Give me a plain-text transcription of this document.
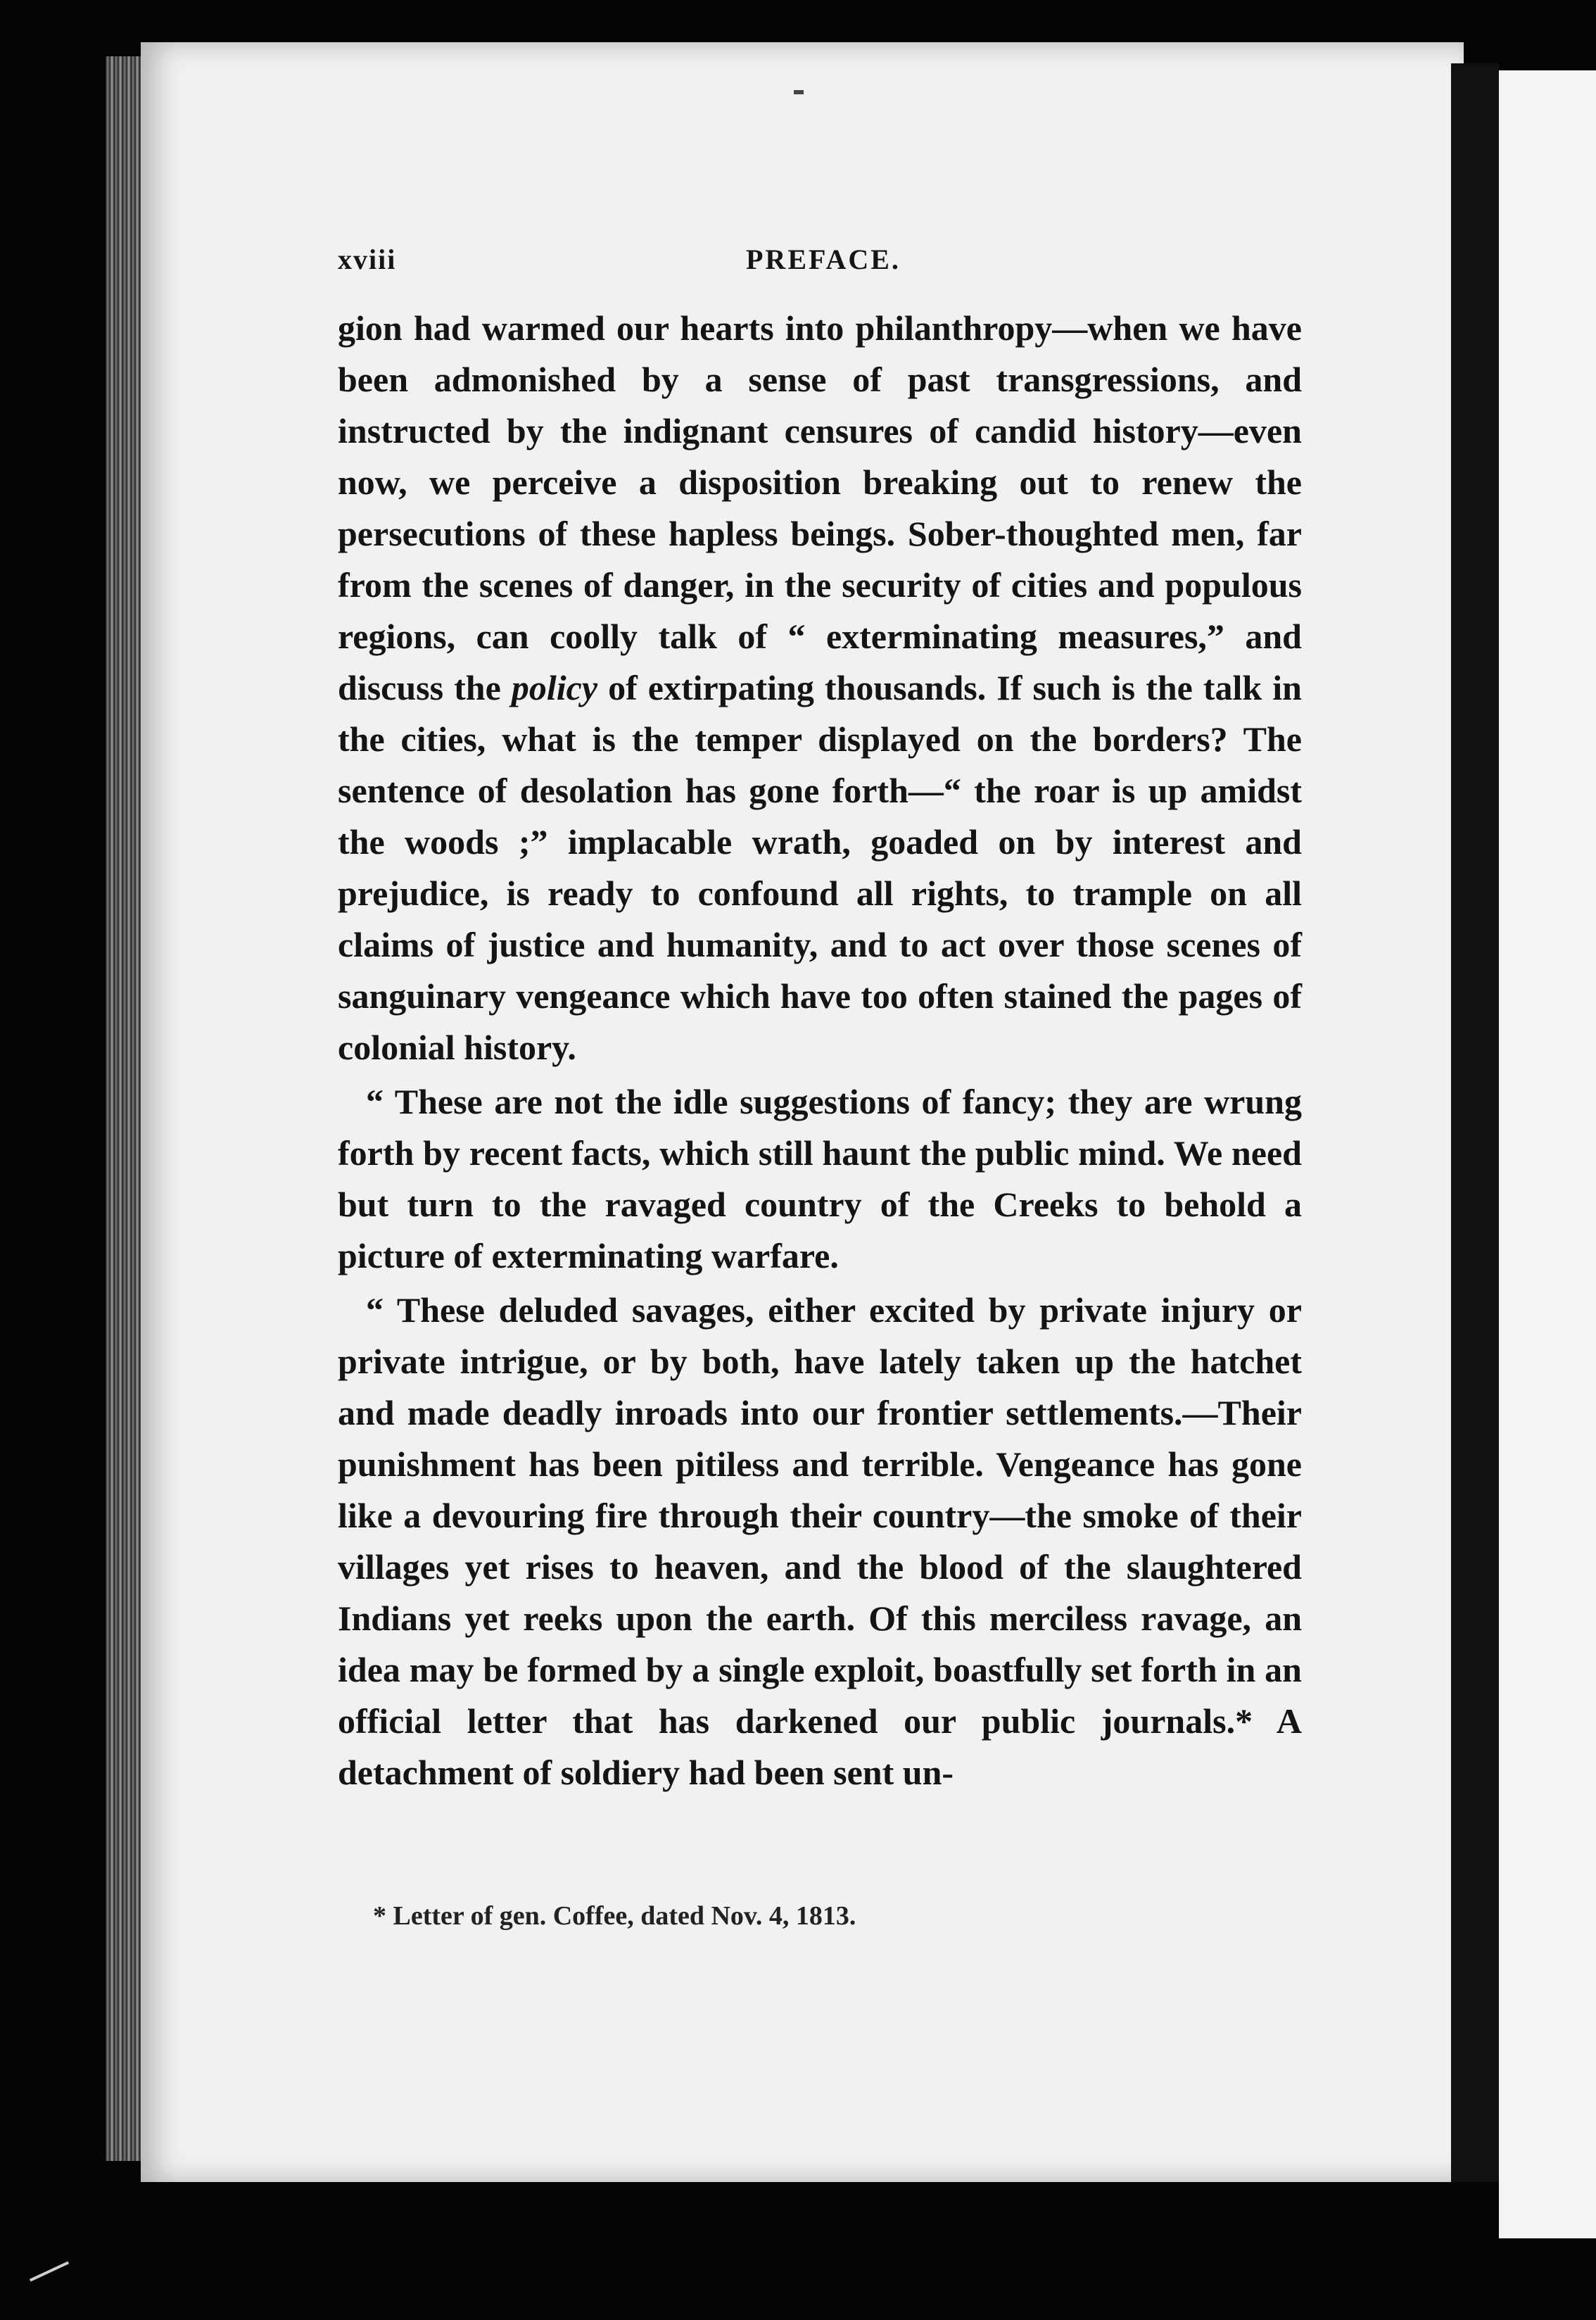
xviii	PREFACE.

gion had warmed our hearts into philanthropy—when we have been admonished by a sense of past transgressions, and instructed by the indignant censures of candid history—even now, we perceive a disposition breaking out to renew the persecutions of these hapless beings. Sober-thoughted men, far from the scenes of danger, in the security of cities and populous regions, can coolly talk of “ exterminating measures,” and discuss the policy of extirpating thousands. If such is the talk in the cities, what is the temper displayed on the borders? The sentence of desolation has gone forth—“ the roar is up amidst the woods ;” implacable wrath, goaded on by interest and prejudice, is ready to confound all rights, to trample on all claims of justice and humanity, and to act over those scenes of sanguinary vengeance which have too often stained the pages of colonial history.

“ These are not the idle suggestions of fancy; they are wrung forth by recent facts, which still haunt the public mind. We need but turn to the ravaged country of the Creeks to behold a picture of exterminating warfare.

“ These deluded savages, either excited by private injury or private intrigue, or by both, have lately taken up the hatchet and made deadly inroads into our frontier settlements.—Their punishment has been pitiless and terrible. Vengeance has gone like a devouring fire through their country—the smoke of their villages yet rises to heaven, and the blood of the slaughtered Indians yet reeks upon the earth. Of this merciless ravage, an idea may be formed by a single exploit, boastfully set forth in an official letter that has darkened our public journals.* A detachment of soldiery had been sent un-

* Letter of gen. Coffee, dated Nov. 4, 1813.
